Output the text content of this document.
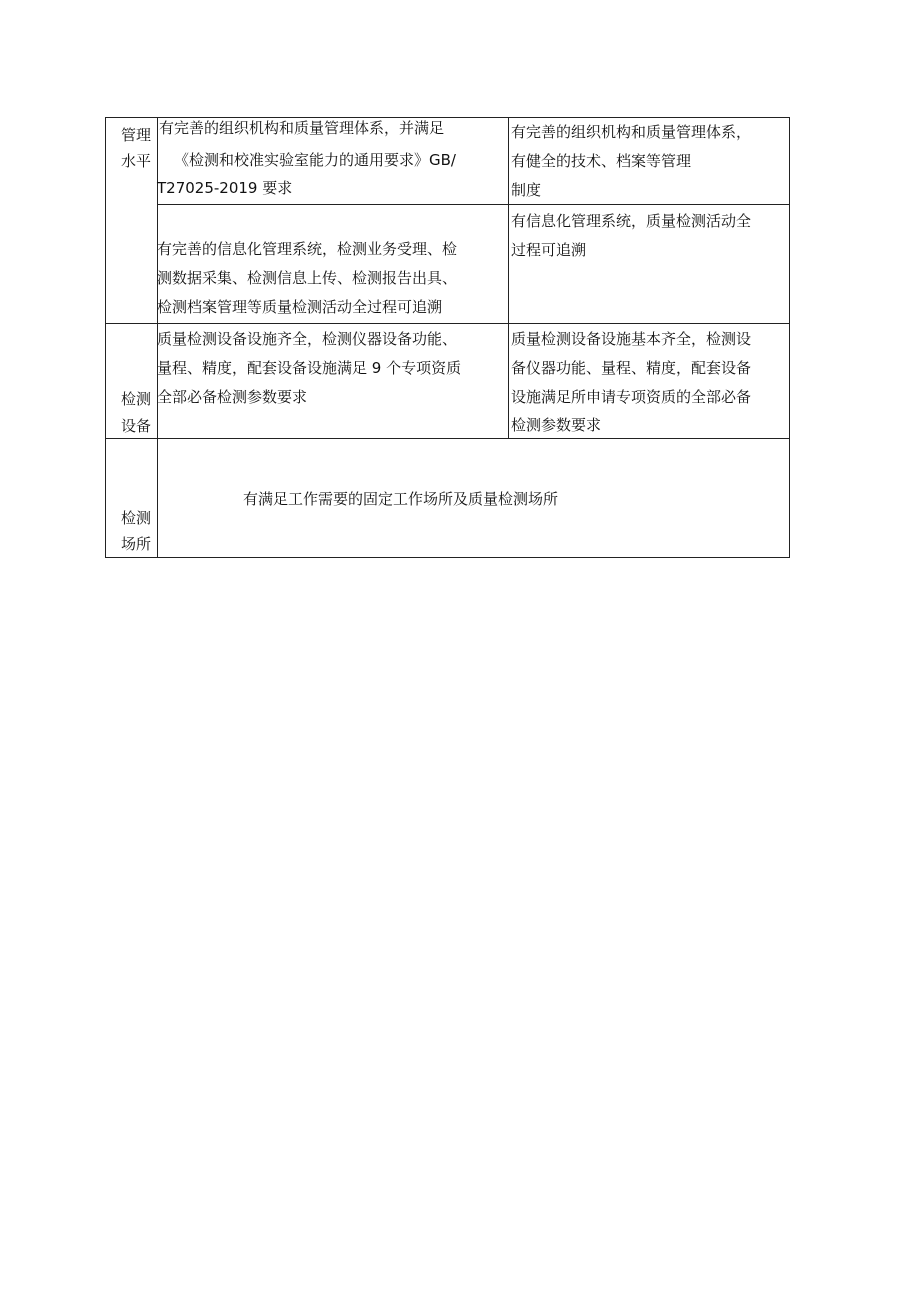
管理

水平

有完善的组织机构和质量管理体系，并满足

《检测和校准实验室能力的通用要求》GB/

T27025-2019 要求

有完善的组织机构和质量管理体系，

有健全的技术、档案等管理

制度

有完善的信息化管理系统，检测业务受理、检

测数据采集、检测信息上传、检测报告出具、

检测档案管理等质量检测活动全过程可追溯

有信息化管理系统，质量检测活动全

过程可追溯

检测

设备

质量检测设备设施齐全，检测仪器设备功能、

量程、精度，配套设备设施满足 9 个专项资质

全部必备检测参数要求

质量检测设备设施基本齐全，检测设

备仪器功能、量程、精度，配套设备

设施满足所申请专项资质的全部必备

检测参数要求

检测

场所

有满足工作需要的固定工作场所及质量检测场所
